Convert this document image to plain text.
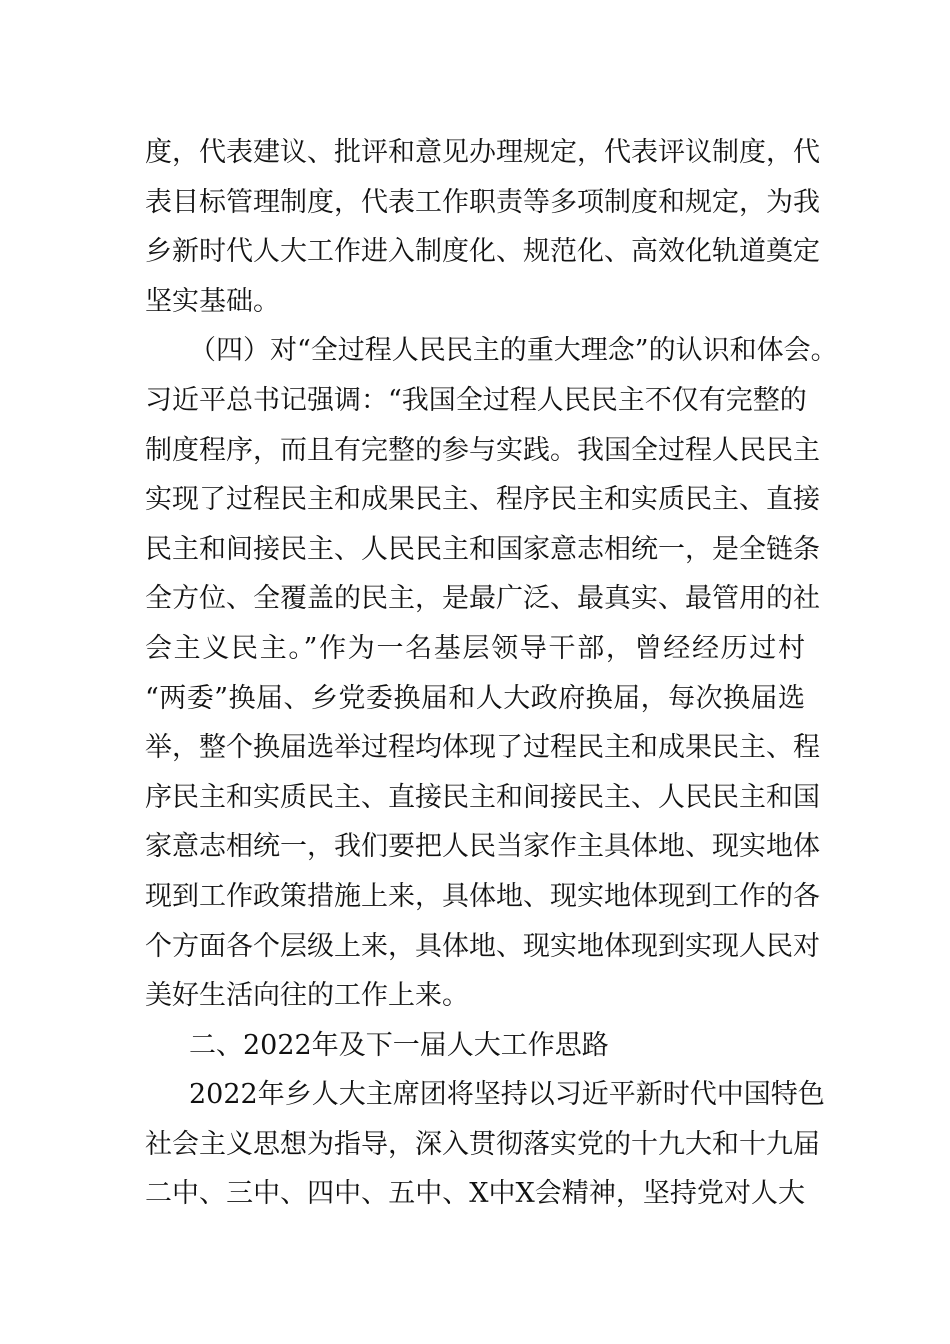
度，代表建议、批评和意见办理规定，代表评议制度，代
表目标管理制度，代表工作职责等多项制度和规定，为我
乡新时代人大工作进入制度化、规范化、高效化轨道奠定
坚实基础。
（四）对“全过程人民民主的重大理念”的认识和体会。
习近平总书记强调：“我国全过程人民民主不仅有完整的
制度程序，而且有完整的参与实践。我国全过程人民民主
实现了过程民主和成果民主、程序民主和实质民主、直接
民主和间接民主、人民民主和国家意志相统一，是全链条
全方位、全覆盖的民主，是最广泛、最真实、最管用的社
会主义民主。”作为一名基层领导干部，曾经经历过村
“两委”换届、乡党委换届和人大政府换届，每次换届选
举，整个换届选举过程均体现了过程民主和成果民主、程
序民主和实质民主、直接民主和间接民主、人民民主和国
家意志相统一，我们要把人民当家作主具体地、现实地体
现到工作政策措施上来，具体地、现实地体现到工作的各
个方面各个层级上来，具体地、现实地体现到实现人民对
美好生活向往的工作上来。
二、2022年及下一届人大工作思路
2022年乡人大主席团将坚持以习近平新时代中国特色
社会主义思想为指导，深入贯彻落实党的十九大和十九届
二中、三中、四中、五中、X中X会精神，坚持党对人大
